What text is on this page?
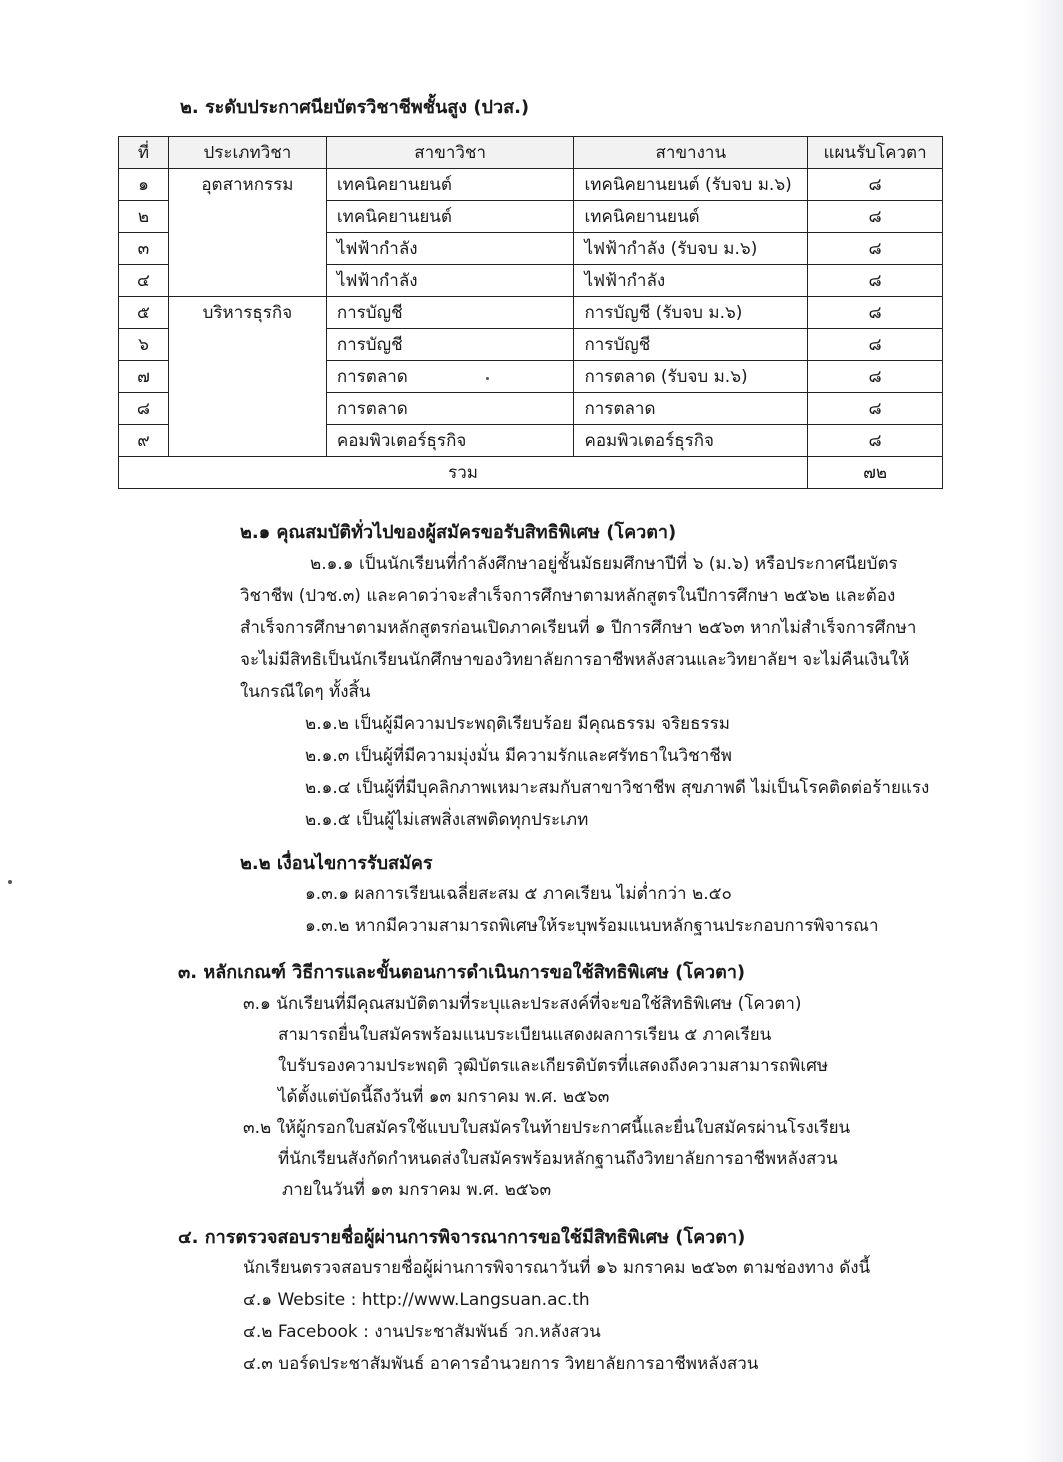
๒. ระดับประกาศนียบัตรวิชาชีพชั้นสูง (ปวส.)
ที่	ประเภทวิชา	สาขาวิชา	สาขางาน	แผนรับโควตา
๑	อุตสาหกรรม	เทคนิคยานยนต์	เทคนิคยานยนต์ (รับจบ ม.๖)	๘
๒		เทคนิคยานยนต์	เทคนิคยานยนต์	๘
๓		ไฟฟ้ากำลัง	ไฟฟ้ากำลัง (รับจบ ม.๖)	๘
๔		ไฟฟ้ากำลัง	ไฟฟ้ากำลัง	๘
๕	บริหารธุรกิจ	การบัญชี	การบัญชี (รับจบ ม.๖)	๘
๖		การบัญชี	การบัญชี	๘
๗		การตลาด	การตลาด (รับจบ ม.๖)	๘
๘		การตลาด	การตลาด	๘
๙		คอมพิวเตอร์ธุรกิจ	คอมพิวเตอร์ธุรกิจ	๘
รวม				๗๒
๒.๑ คุณสมบัติทั่วไปของผู้สมัครขอรับสิทธิพิเศษ (โควตา)
๒.๑.๑ เป็นนักเรียนที่กำลังศึกษาอยู่ชั้นมัธยมศึกษาปีที่ ๖ (ม.๖) หรือประกาศนียบัตร
วิชาชีพ (ปวช.๓) และคาดว่าจะสำเร็จการศึกษาตามหลักสูตรในปีการศึกษา ๒๕๖๒ และต้อง
สำเร็จการศึกษาตามหลักสูตรก่อนเปิดภาคเรียนที่ ๑ ปีการศึกษา ๒๕๖๓ หากไม่สำเร็จการศึกษา
จะไม่มีสิทธิเป็นนักเรียนนักศึกษาของวิทยาลัยการอาชีพหลังสวนและวิทยาลัยฯ จะไม่คืนเงินให้
ในกรณีใดๆ ทั้งสิ้น
๒.๑.๒ เป็นผู้มีความประพฤติเรียบร้อย มีคุณธรรม จริยธรรม
๒.๑.๓ เป็นผู้ที่มีความมุ่งมั่น มีความรักและศรัทธาในวิชาชีพ
๒.๑.๔ เป็นผู้ที่มีบุคลิกภาพเหมาะสมกับสาขาวิชาชีพ สุขภาพดี ไม่เป็นโรคติดต่อร้ายแรง
๒.๑.๕ เป็นผู้ไม่เสพสิ่งเสพติดทุกประเภท
๒.๒ เงื่อนไขการรับสมัคร
๑.๓.๑ ผลการเรียนเฉลี่ยสะสม ๕ ภาคเรียน ไม่ต่ำกว่า ๒.๕๐
๑.๓.๒ หากมีความสามารถพิเศษให้ระบุพร้อมแนบหลักฐานประกอบการพิจารณา
๓. หลักเกณฑ์ วิธีการและขั้นตอนการดำเนินการขอใช้สิทธิพิเศษ (โควตา)
๓.๑ นักเรียนที่มีคุณสมบัติตามที่ระบุและประสงค์ที่จะขอใช้สิทธิพิเศษ (โควตา)
สามารถยื่นใบสมัครพร้อมแนบระเบียนแสดงผลการเรียน ๕ ภาคเรียน
ใบรับรองความประพฤติ วุฒิบัตรและเกียรติบัตรที่แสดงถึงความสามารถพิเศษ
ได้ตั้งแต่บัดนี้ถึงวันที่ ๑๓ มกราคม พ.ศ. ๒๕๖๓
๓.๒ ให้ผู้กรอกใบสมัครใช้แบบใบสมัครในท้ายประกาศนี้และยื่นใบสมัครผ่านโรงเรียน
ที่นักเรียนสังกัดกำหนดส่งใบสมัครพร้อมหลักฐานถึงวิทยาลัยการอาชีพหลังสวน
ภายในวันที่ ๑๓ มกราคม พ.ศ. ๒๕๖๓
๔. การตรวจสอบรายชื่อผู้ผ่านการพิจารณาการขอใช้มีสิทธิพิเศษ (โควตา)
นักเรียนตรวจสอบรายชื่อผู้ผ่านการพิจารณาวันที่ ๑๖ มกราคม ๒๕๖๓ ตามช่องทาง ดังนี้
๔.๑ Website : http://www.Langsuan.ac.th
๔.๒ Facebook : งานประชาสัมพันธ์ วก.หลังสวน
๔.๓ บอร์ดประชาสัมพันธ์ อาคารอำนวยการ วิทยาลัยการอาชีพหลังสวน
